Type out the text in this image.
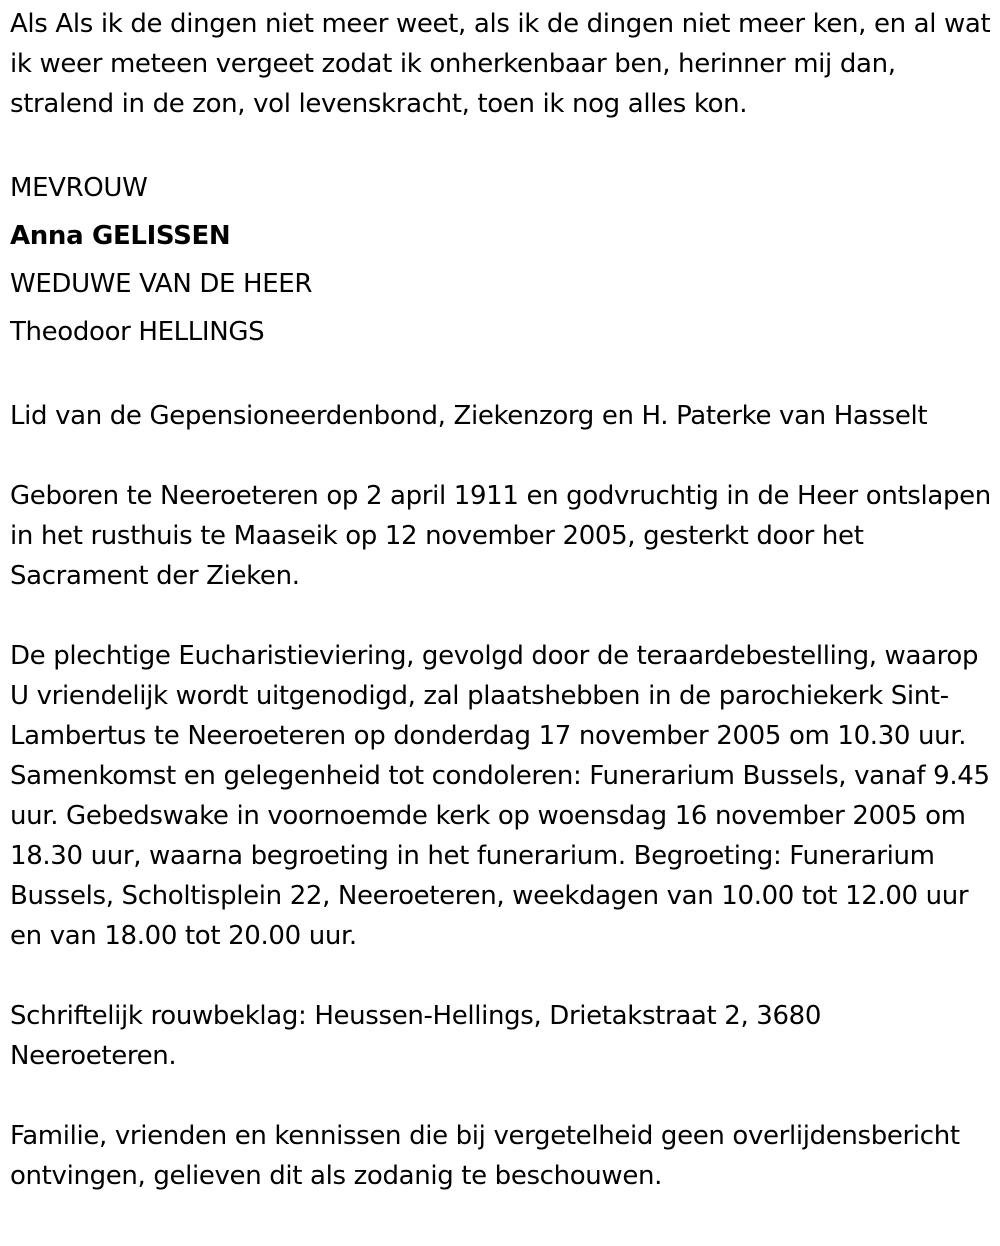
Als Als ik de dingen niet meer weet, als ik de dingen niet meer ken, en al wat ik weer meteen vergeet zodat ik onherkenbaar ben, herinner mij dan, stralend in de zon, vol levenskracht, toen ik nog alles kon.

MEVROUW

Anna GELISSEN

WEDUWE VAN DE HEER

Theodoor HELLINGS

Lid van de Gepensioneerdenbond, Ziekenzorg en H. Paterke van Hasselt

Geboren te Neeroeteren op 2 april 1911 en godvruchtig in de Heer ontslapen in het rusthuis te Maaseik op 12 november 2005, gesterkt door het Sacrament der Zieken.

De plechtige Eucharistieviering, gevolgd door de teraardebestelling, waarop U vriendelijk wordt uitgenodigd, zal plaatshebben in de parochiekerk Sint-Lambertus te Neeroeteren op donderdag 17 november 2005 om 10.30 uur. Samenkomst en gelegenheid tot condoleren: Funerarium Bussels, vanaf 9.45 uur. Gebedswake in voornoemde kerk op woensdag 16 november 2005 om 18.30 uur, waarna begroeting in het funerarium. Begroeting: Funerarium Bussels, Scholtisplein 22, Neeroeteren, weekdagen van 10.00 tot 12.00 uur en van 18.00 tot 20.00 uur.

Schriftelijk rouwbeklag: Heussen-Hellings, Drietakstraat 2, 3680 Neeroeteren.

Familie, vrienden en kennissen die bij vergetelheid geen overlijdensbericht ontvingen, gelieven dit als zodanig te beschouwen.
